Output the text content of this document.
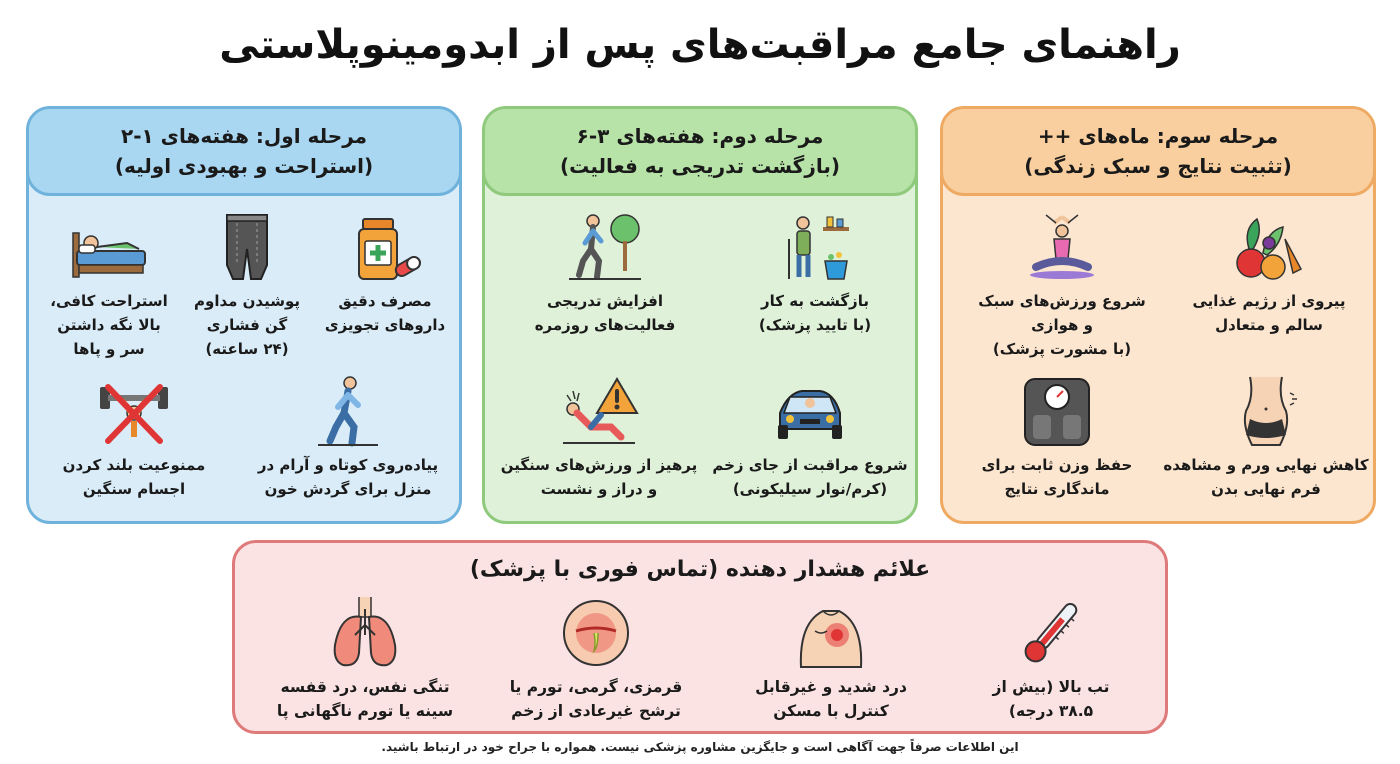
راهنمای جامع مراقبت‌های پس از ابدومینوپلاستی
مرحله اول: هفته‌های ۱-۲
(استراحت و بهبودی اولیه)
مصرف دقیق
داروهای تجویزی
پوشیدن مداوم
گن فشاری
(۲۴ ساعته)
استراحت کافی،
بالا نگه داشتن
سر و پاها
پیاده‌روی کوتاه و آرام در
منزل برای گردش خون
ممنوعیت بلند کردن
اجسام سنگین
مرحله دوم: هفته‌های ۳-۶
(بازگشت تدریجی به فعالیت)
بازگشت به کار
(با تایید پزشک)
افزایش تدریجی
فعالیت‌های روزمره
شروع مراقبت از جای زخم
(کرم/نوار سیلیکونی)
پرهیز از ورزش‌های سنگین
و دراز و نشست
مرحله سوم: ماه‌های ++
(تثبیت نتایج و سبک زندگی)
پیروی از رژیم غذایی
سالم و متعادل
شروع ورزش‌های سبک
و هوازی
(با مشورت پزشک)
کاهش نهایی ورم و مشاهده
فرم نهایی بدن
حفظ وزن ثابت برای
ماندگاری نتایج
علائم هشدار دهنده (تماس فوری با پزشک)
تب بالا (بیش از
۳۸.۵ درجه)
درد شدید و غیرقابل
کنترل با مسکن
قرمزی، گرمی، تورم یا
ترشح غیرعادی از زخم
تنگی نفس، درد قفسه
سینه یا تورم ناگهانی پا
این اطلاعات صرفاً جهت آگاهی است و جایگزین مشاوره پزشکی نیست. همواره با جراح خود در ارتباط باشید.
